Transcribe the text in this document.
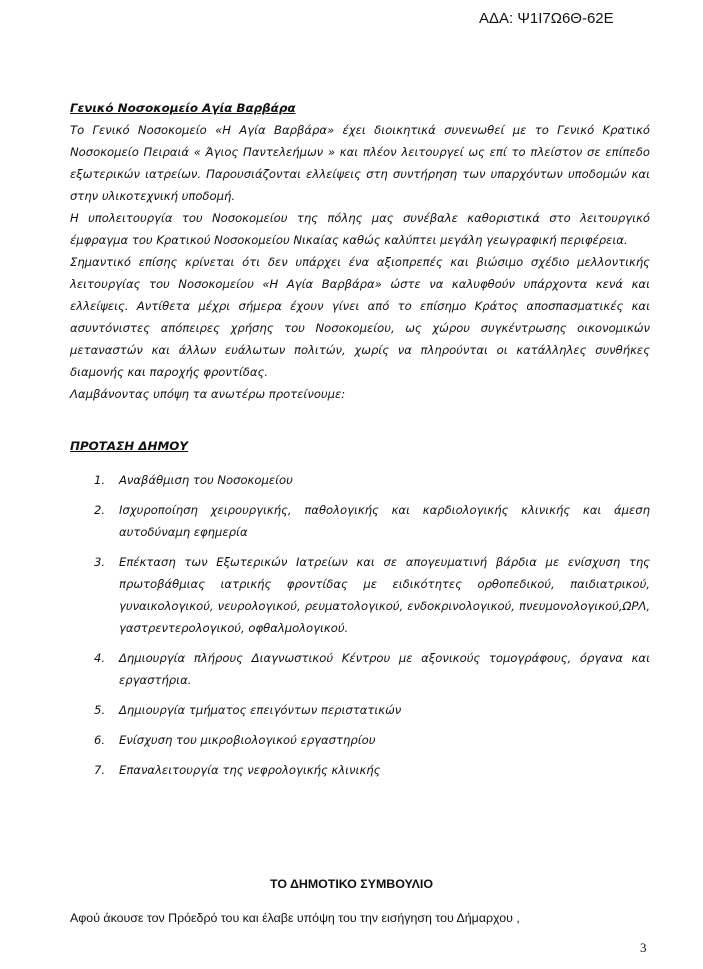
ΑΔΑ: Ψ1Ι7Ω6Θ-62Ε

Γενικό Νοσοκομείο Αγία Βαρβάρα

Το Γενικό Νοσοκομείο «Η Αγία Βαρβάρα» έχει διοικητικά συνενωθεί με το Γενικό Κρατικό Νοσοκομείο Πειραιά « Άγιος Παντελεήμων » και πλέον λειτουργεί ως επί το πλείστον σε επίπεδο εξωτερικών ιατρείων. Παρουσιάζονται ελλείψεις στη συντήρηση των υπαρχόντων υποδομών και στην υλικοτεχνική υποδομή.

Η υπολειτουργία του Νοσοκομείου της πόλης μας συνέβαλε καθοριστικά στο λειτουργικό έμφραγμα του Κρατικού Νοσοκομείου Νικαίας καθώς καλύπτει μεγάλη γεωγραφική περιφέρεια.

Σημαντικό επίσης κρίνεται ότι δεν υπάρχει ένα αξιοπρεπές και βιώσιμο σχέδιο μελλοντικής λειτουργίας του Νοσοκομείου «Η Αγία Βαρβάρα» ώστε να καλυφθούν υπάρχοντα κενά και ελλείψεις. Αντίθετα μέχρι σήμερα έχουν γίνει από το επίσημο Κράτος αποσπασματικές και ασυντόνιστες απόπειρες χρήσης του Νοσοκομείου, ως χώρου συγκέντρωσης οικονομικών μεταναστών και άλλων ευάλωτων πολιτών, χωρίς να πληρούνται οι κατάλληλες συνθήκες διαμονής και παροχής φροντίδας.

Λαμβάνοντας υπόψη τα ανωτέρω προτείνουμε:

ΠΡΟΤΑΣΗ ΔΗΜΟΥ

1. Αναβάθμιση του Νοσοκομείου
2. Ισχυροποίηση χειρουργικής, παθολογικής και καρδιολογικής κλινικής και άμεση αυτοδύναμη εφημερία
3. Επέκταση των Εξωτερικών Ιατρείων και σε απογευματινή βάρδια με ενίσχυση της πρωτοβάθμιας ιατρικής φροντίδας με ειδικότητες ορθοπεδικού, παιδιατρικού, γυναικολογικού, νευρολογικού, ρευματολογικού, ενδοκρινολογικού, πνευμονολογικού,ΩΡΛ, γαστρεντερολογικού, οφθαλμολογικού.
4. Δημιουργία πλήρους Διαγνωστικού Κέντρου με αξονικούς τομογράφους, όργανα και εργαστήρια.
5. Δημιουργία τμήματος επειγόντων περιστατικών
6. Ενίσχυση του μικροβιολογικού εργαστηρίου
7. Επαναλειτουργία της νεφρολογικής κλινικής
ΤΟ ΔΗΜΟΤΙΚΟ ΣΥΜΒΟΥΛΙΟ
Αφού άκουσε τον Πρόεδρό του και έλαβε υπόψη του την εισήγηση του Δήμαρχου ,
3
